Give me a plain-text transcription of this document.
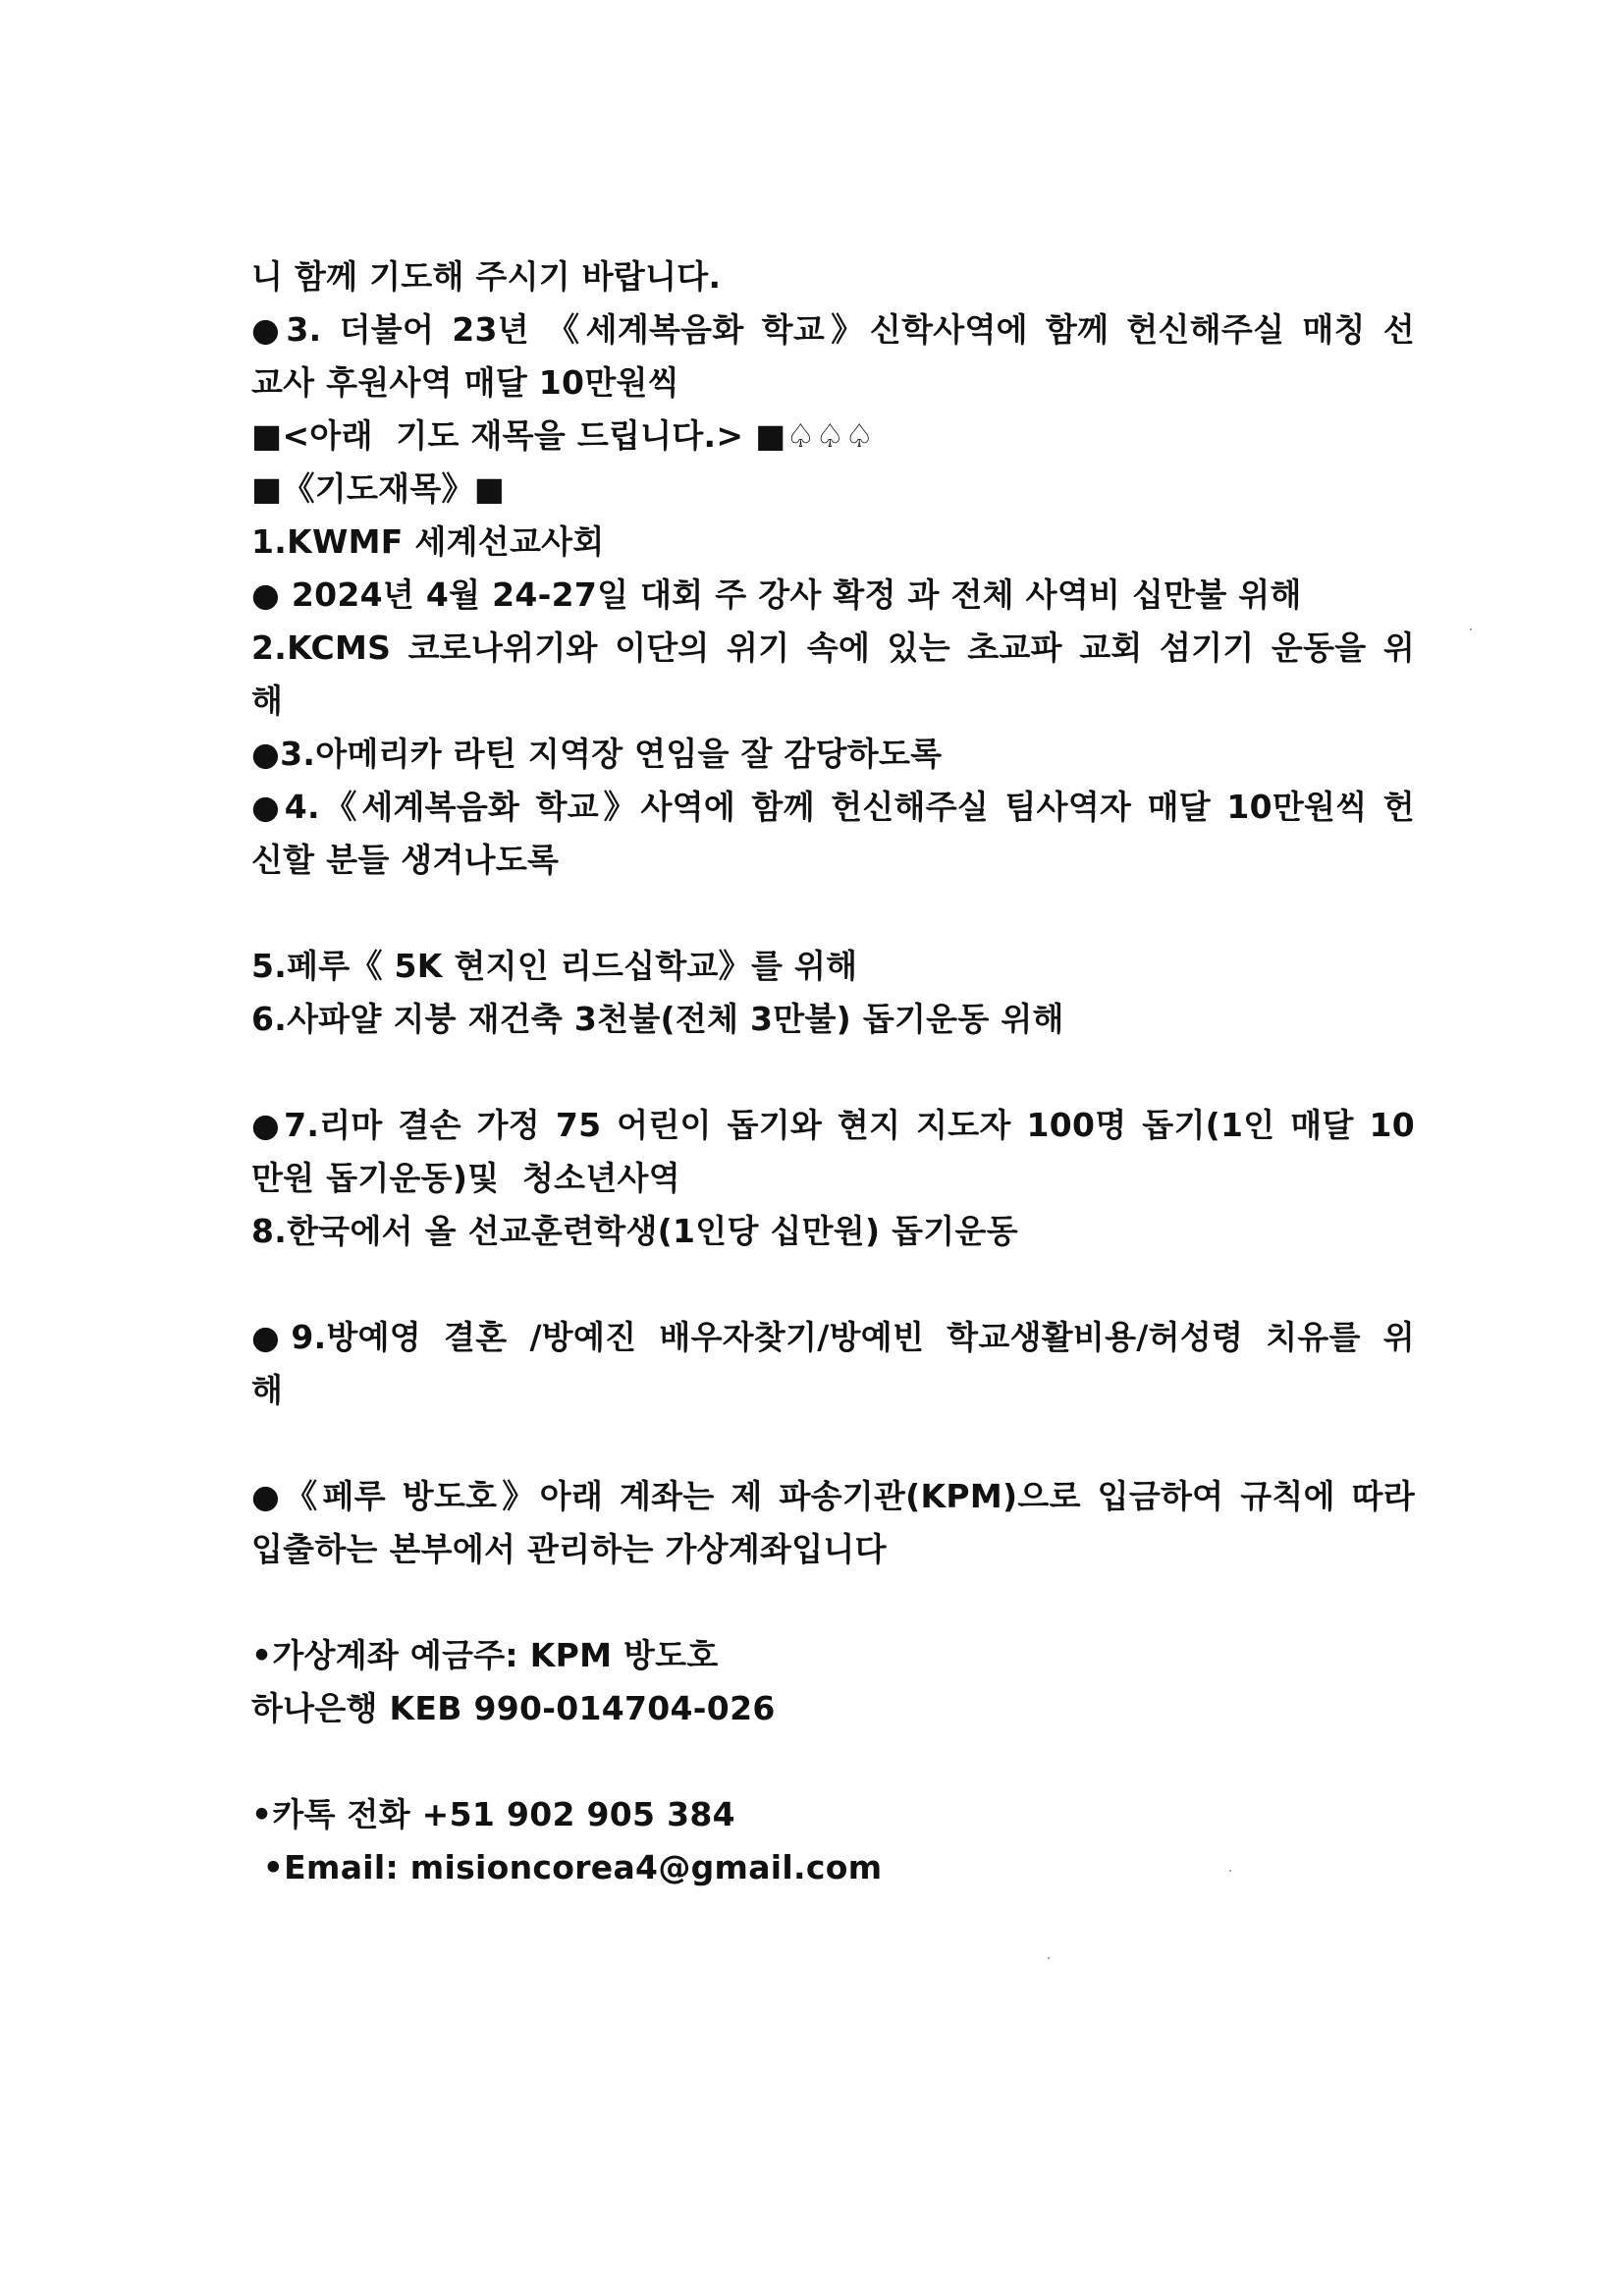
니 함께 기도해 주시기 바랍니다.
●3. 더불어 23년 《세계복음화 학교》신학사역에 함께 헌신해주실 매칭 선
교사 후원사역 매달 10만원씩
■<아래  기도 재목을 드립니다.> ■♤♤♤
■《기도재목》■
1.KWMF 세계선교사회
● 2024년 4월 24-27일 대회 주 강사 확정 과 전체 사역비 십만불 위해
2.KCMS 코로나위기와 이단의 위기 속에 있는 초교파 교회 섬기기 운동을 위
해
●3.아메리카 라틴 지역장 연임을 잘 감당하도록
●4.《세계복음화 학교》사역에 함께 헌신해주실 팀사역자 매달 10만원씩 헌
신할 분들 생겨나도록
5.페루《 5K 현지인 리드십학교》를 위해
6.사파얄 지붕 재건축 3천불(전체 3만불) 돕기운동 위해
●7.리마 결손 가정 75 어린이 돕기와 현지 지도자 100명 돕기(1인 매달 10
만원 돕기운동)및  청소년사역
8.한국에서 올 선교훈련학생(1인당 십만원) 돕기운동
●9.방예영 결혼 /방예진 배우자찾기/방예빈 학교생활비용/허성령 치유를 위
해
●《페루 방도호》아래 계좌는 제 파송기관(KPM)으로 입금하여 규칙에 따라
입출하는 본부에서 관리하는 가상계좌입니다
•가상계좌 예금주: KPM 방도호
하나은행 KEB 990-014704-026
•카톡 전화 +51 902 905 384
•Email: misioncorea4@gmail.com
